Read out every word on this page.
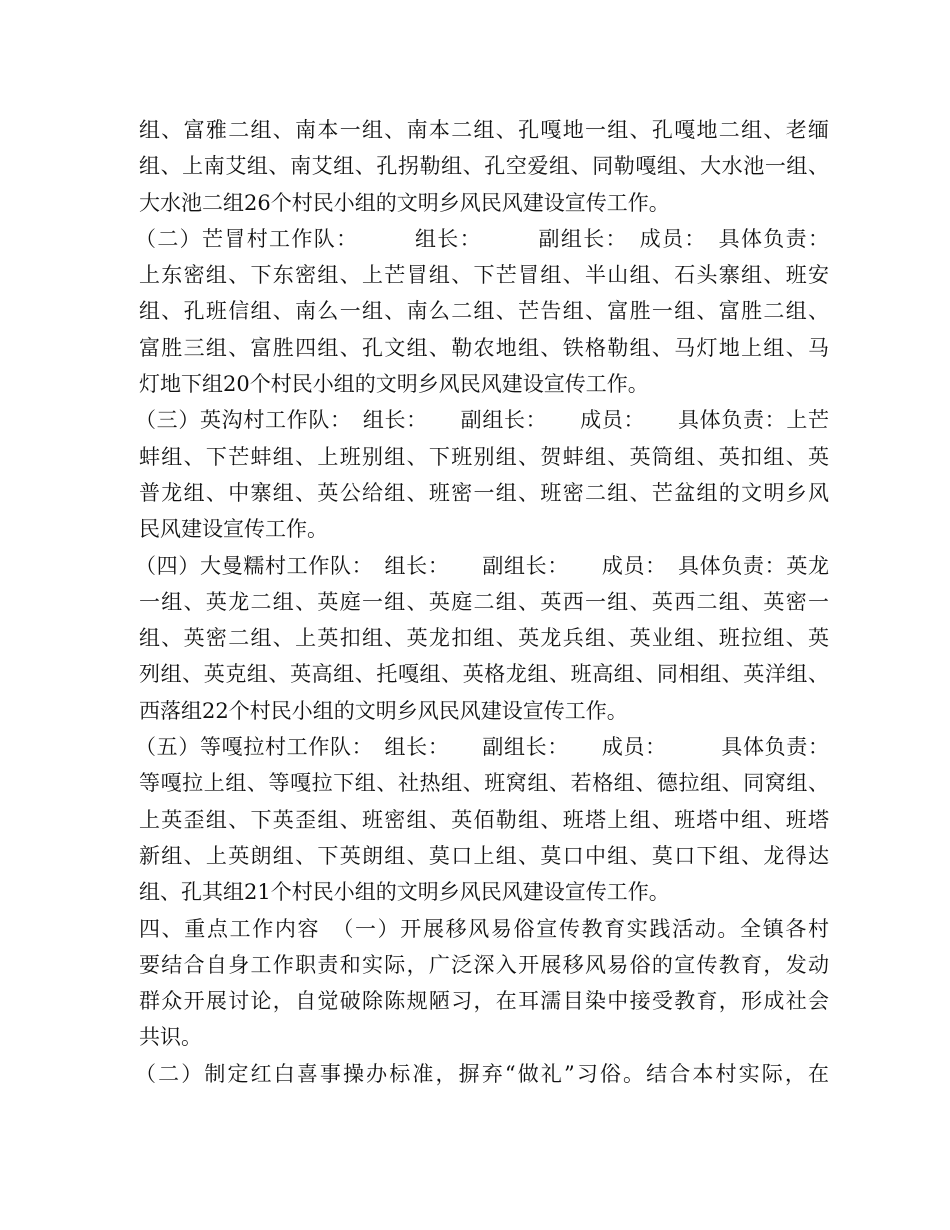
组、富雅二组、南本一组、南本二组、孔嘎地一组、孔嘎地二组、老缅
组、上南艾组、南艾组、孔拐勒组、孔空爱组、同勒嘎组、大水池一组、
大水池二组26个村民小组的文明乡风民风建设宣传工作。
（二）芒冒村工作队：　　　组长：　　　副组长：　成员：　具体负责：
上东密组、下东密组、上芒冒组、下芒冒组、半山组、石头寨组、班安
组、孔班信组、南么一组、南么二组、芒告组、富胜一组、富胜二组、
富胜三组、富胜四组、孔文组、勒农地组、铁格勒组、马灯地上组、马
灯地下组20个村民小组的文明乡风民风建设宣传工作。
（三）英沟村工作队：　组长：　　副组长：　　成员：　　具体负责：上芒
蚌组、下芒蚌组、上班别组、下班别组、贺蚌组、英筒组、英扣组、英
普龙组、中寨组、英公给组、班密一组、班密二组、芒盆组的文明乡风
民风建设宣传工作。
（四）大曼糯村工作队：　组长：　　副组长：　　成员：　具体负责：英龙
一组、英龙二组、英庭一组、英庭二组、英西一组、英西二组、英密一
组、英密二组、上英扣组、英龙扣组、英龙兵组、英业组、班拉组、英
列组、英克组、英高组、托嘎组、英格龙组、班高组、同相组、英洋组、
西落组22个村民小组的文明乡风民风建设宣传工作。
（五）等嘎拉村工作队：　组长：　　副组长：　　成员：　　　具体负责：
等嘎拉上组、等嘎拉下组、社热组、班窝组、若格组、德拉组、同窝组、
上英歪组、下英歪组、班密组、英佰勒组、班塔上组、班塔中组、班塔
新组、上英朗组、下英朗组、莫口上组、莫口中组、莫口下组、龙得达
组、孔其组21个村民小组的文明乡风民风建设宣传工作。
四、重点工作内容　（一）开展移风易俗宣传教育实践活动。全镇各村
要结合自身工作职责和实际，广泛深入开展移风易俗的宣传教育，发动
群众开展讨论，自觉破除陈规陋习，在耳濡目染中接受教育，形成社会
共识。
（二）制定红白喜事操办标准，摒弃“做礼”习俗。结合本村实际，在
